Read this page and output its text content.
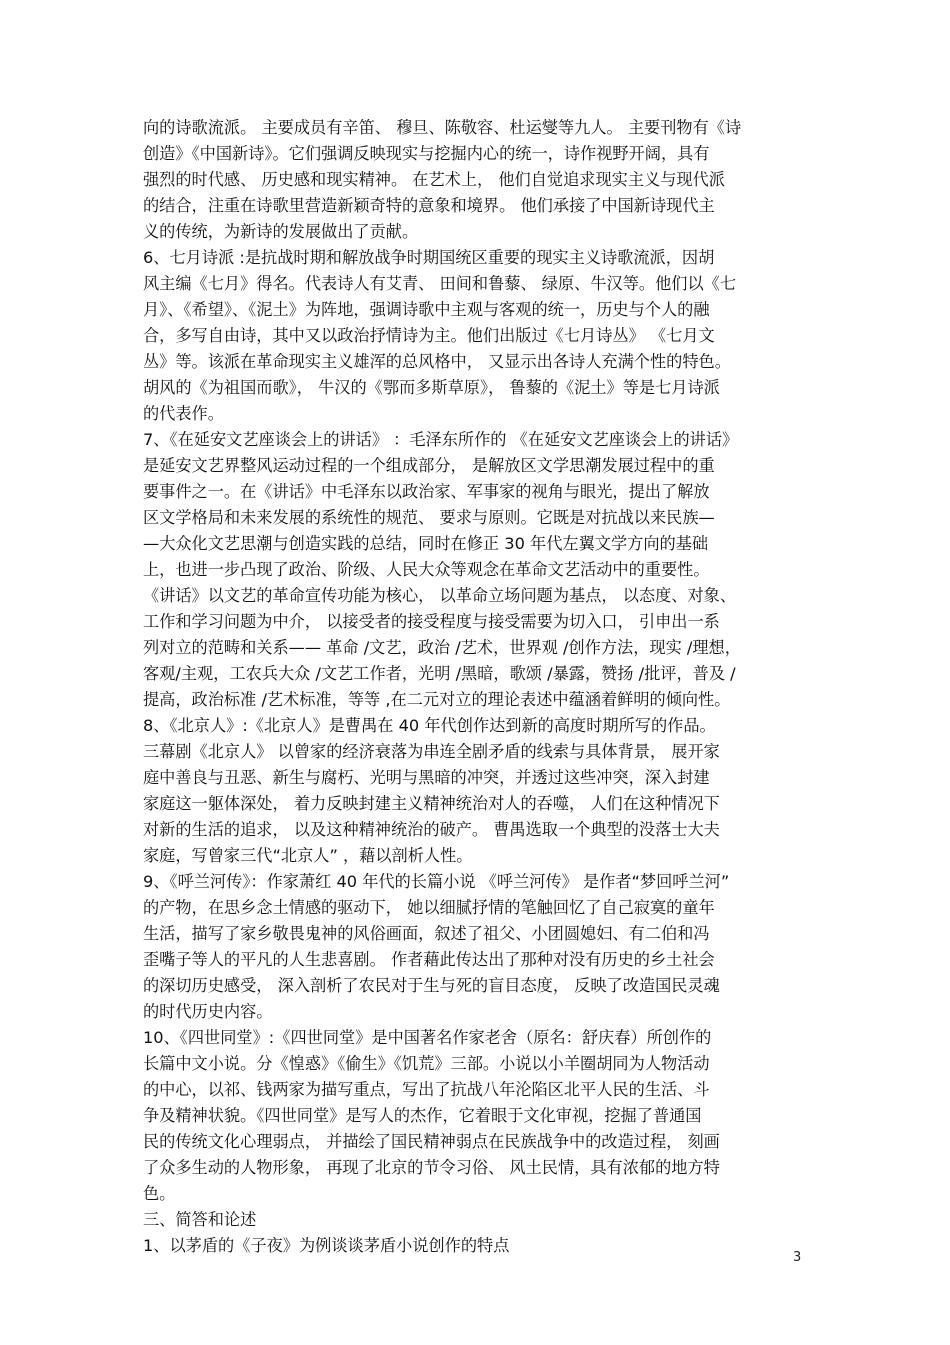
向的诗歌流派。 主要成员有辛笛、 穆旦、陈敬容、杜运燮等九人。 主要刊物有《诗
创造》《中国新诗》。它们强调反映现实与挖掘内心的统一，诗作视野开阔，具有
强烈的时代感、 历史感和现实精神。 在艺术上， 他们自觉追求现实主义与现代派
的结合，注重在诗歌里营造新颖奇特的意象和境界。 他们承接了中国新诗现代主
义的传统，为新诗的发展做出了贡献。
6、七月诗派 :是抗战时期和解放战争时期国统区重要的现实主义诗歌流派，因胡
风主编《七月》得名。代表诗人有艾青、 田间和鲁藜、 绿原、牛汉等。他们以《七
月》、《希望》、《泥土》为阵地，强调诗歌中主观与客观的统一，历史与个人的融
合，多写自由诗，其中又以政治抒情诗为主。他们出版过《七月诗丛》 《七月文
丛》等。该派在革命现实主义雄浑的总风格中， 又显示出各诗人充满个性的特色。
胡风的《为祖国而歌》， 牛汉的《鄂而多斯草原》， 鲁藜的《泥土》等是七月诗派
的代表作。
7、《在延安文艺座谈会上的讲话》 ：毛泽东所作的 《在延安文艺座谈会上的讲话》
是延安文艺界整风运动过程的一个组成部分， 是解放区文学思潮发展过程中的重
要事件之一。在《讲话》中毛泽东以政治家、军事家的视角与眼光，提出了解放
区文学格局和未来发展的系统性的规范、 要求与原则。它既是对抗战以来民族—
—大众化文艺思潮与创造实践的总结，同时在修正 30 年代左翼文学方向的基础
上，也进一步凸现了政治、阶级、人民大众等观念在革命文艺活动中的重要性。
《讲话》以文艺的革命宣传功能为核心， 以革命立场问题为基点， 以态度、对象、
工作和学习问题为中介， 以接受者的接受程度与接受需要为切入口， 引申出一系
列对立的范畴和关系—— 革命 /文艺，政治 /艺术，世界观 /创作方法，现实 /理想，
客观/主观，工农兵大众 /文艺工作者，光明 /黑暗，歌颂 /暴露，赞扬 /批评，普及 /
提高，政治标准 /艺术标准，等等 ,在二元对立的理论表述中蕴涵着鲜明的倾向性。
8、《北京人》:《北京人》是曹禺在 40 年代创作达到新的高度时期所写的作品。
三幕剧《北京人》 以曾家的经济衰落为串连全剧矛盾的线索与具体背景， 展开家
庭中善良与丑恶、新生与腐朽、光明与黑暗的冲突，并透过这些冲突，深入封建
家庭这一躯体深处， 着力反映封建主义精神统治对人的吞噬， 人们在这种情况下
对新的生活的追求， 以及这种精神统治的破产。 曹禺选取一个典型的没落士大夫
家庭，写曾家三代“北京人” ，藉以剖析人性。
9、《呼兰河传》：作家萧红 40 年代的长篇小说 《呼兰河传》 是作者“梦回呼兰河”
的产物，在思乡念土情感的驱动下， 她以细腻抒情的笔触回忆了自己寂寞的童年
生活，描写了家乡敬畏鬼神的风俗画面，叙述了祖父、小团圆媳妇、有二伯和冯
歪嘴子等人的平凡的人生悲喜剧。 作者藉此传达出了那种对没有历史的乡土社会
的深切历史感受， 深入剖析了农民对于生与死的盲目态度， 反映了改造国民灵魂
的时代历史内容。
10、《四世同堂》:《四世同堂》是中国著名作家老舍（原名：舒庆春）所创作的
长篇中文小说。分《惶惑》《偷生》《饥荒》三部。小说以小羊圈胡同为人物活动
的中心，以祁、钱两家为描写重点，写出了抗战八年沦陷区北平人民的生活、斗
争及精神状貌。《四世同堂》是写人的杰作，它着眼于文化审视，挖掘了普通国
民的传统文化心理弱点， 并描绘了国民精神弱点在民族战争中的改造过程， 刻画
了众多生动的人物形象， 再现了北京的节令习俗、 风土民情，具有浓郁的地方特
色。
三、简答和论述
1、以茅盾的《子夜》为例谈谈茅盾小说创作的特点
3
